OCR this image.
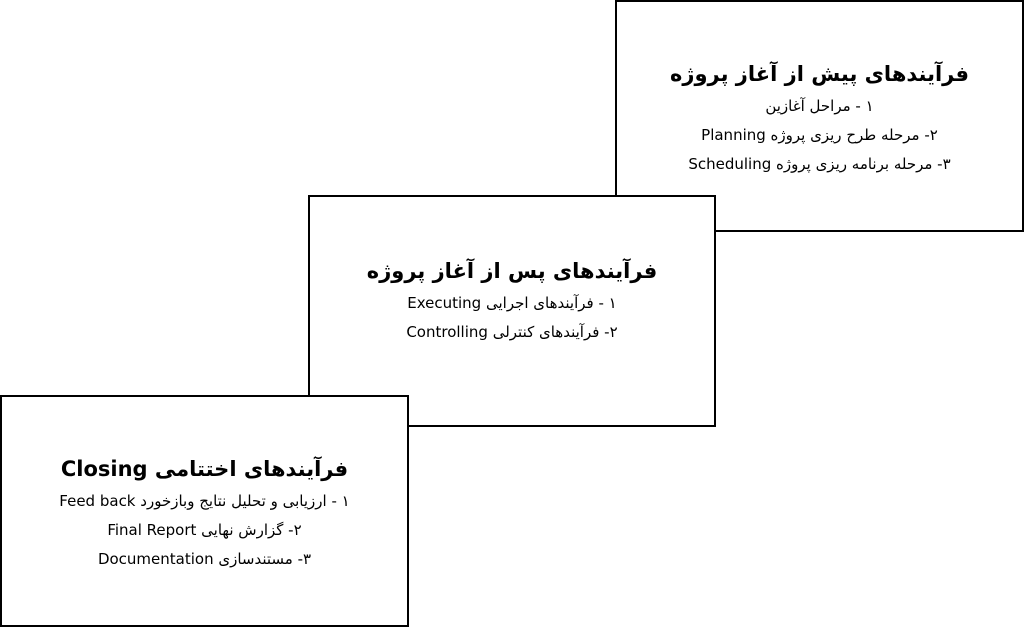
فرآیندهای پیش از آغاز پروژه
۱ - مراحل آغازین
۲- مرحله طرح ریزی پروژه Planning
۳- مرحله برنامه ریزی پروژه Scheduling
فرآیندهای پس از آغاز پروژه
۱ - فرآیندهای اجرایی Executing
۲- فرآیندهای کنترلی Controlling
فرآیندهای اختتامی Closing
۱ - ارزیابی و تحلیل نتایج وبازخورد Feed back
۲- گزارش نهایی Final Report
۳- مستندسازی Documentation
